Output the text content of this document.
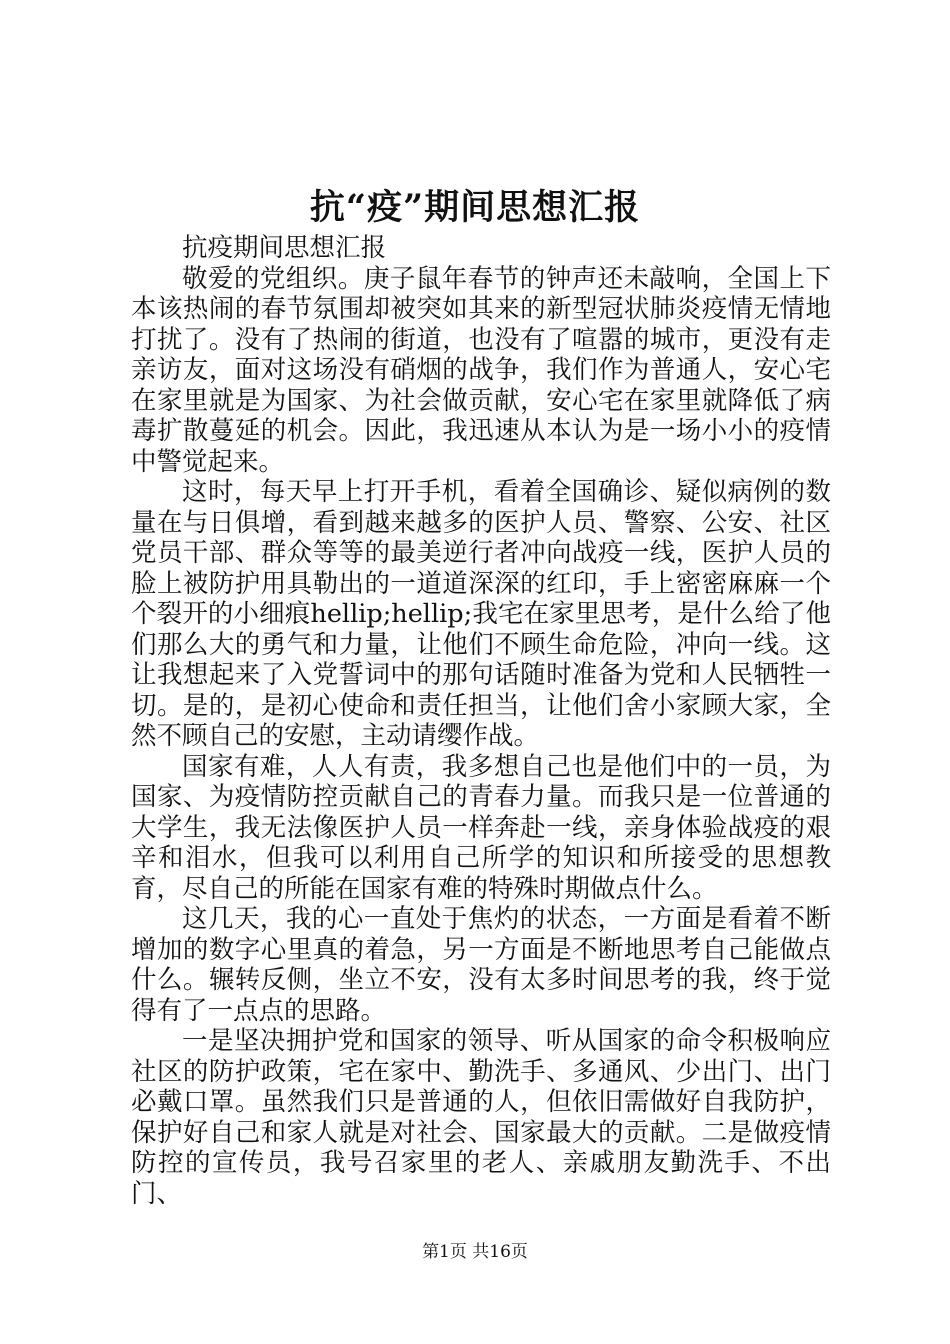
抗“疫”期间思想汇报

抗疫期间思想汇报

敬爱的党组织。庚子鼠年春节的钟声还未敲响，全国上下本该热闹的春节氛围却被突如其来的新型冠状肺炎疫情无情地打扰了。没有了热闹的街道，也没有了喧嚣的城市，更没有走亲访友，面对这场没有硝烟的战争，我们作为普通人，安心宅在家里就是为国家、为社会做贡献，安心宅在家里就降低了病毒扩散蔓延的机会。因此，我迅速从本认为是一场小小的疫情中警觉起来。

这时，每天早上打开手机，看着全国确诊、疑似病例的数量在与日俱增，看到越来越多的医护人员、警察、公安、社区党员干部、群众等等的最美逆行者冲向战疫一线，医护人员的脸上被防护用具勒出的一道道深深的红印，手上密密麻麻一个个裂开的小细痕hellip;hellip;我宅在家里思考，是什么给了他们那么大的勇气和力量，让他们不顾生命危险，冲向一线。这让我想起来了入党誓词中的那句话随时准备为党和人民牺牲一切。是的，是初心使命和责任担当，让他们舍小家顾大家，全然不顾自己的安慰，主动请缨作战。

国家有难，人人有责，我多想自己也是他们中的一员，为国家、为疫情防控贡献自己的青春力量。而我只是一位普通的大学生，我无法像医护人员一样奔赴一线，亲身体验战疫的艰辛和泪水，但我可以利用自己所学的知识和所接受的思想教育，尽自己的所能在国家有难的特殊时期做点什么。

这几天，我的心一直处于焦灼的状态，一方面是看着不断增加的数字心里真的着急，另一方面是不断地思考自己能做点什么。辗转反侧，坐立不安，没有太多时间思考的我，终于觉得有了一点点的思路。

一是坚决拥护党和国家的领导、听从国家的命令积极响应社区的防护政策，宅在家中、勤洗手、多通风、少出门、出门必戴口罩。虽然我们只是普通的人，但依旧需做好自我防护，保护好自己和家人就是对社会、国家最大的贡献。二是做疫情防控的宣传员，我号召家里的老人、亲戚朋友勤洗手、不出门、

第1页 共16页
